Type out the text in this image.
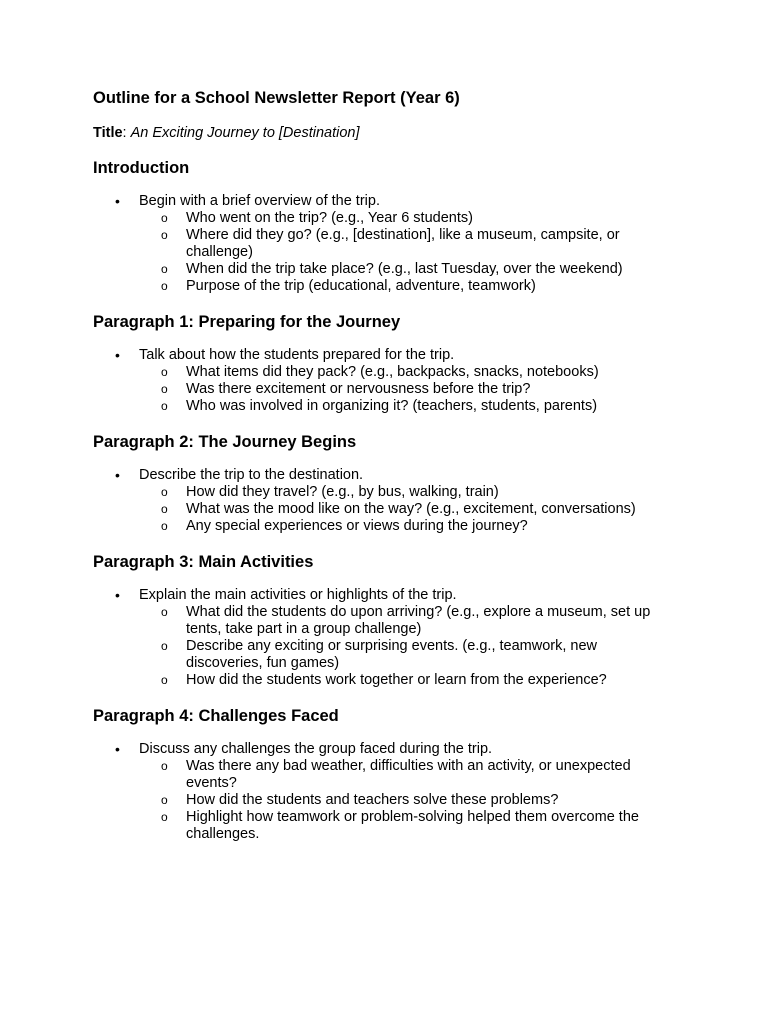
Outline for a School Newsletter Report (Year 6)

Title: An Exciting Journey to [Destination]

Introduction
• Begin with a brief overview of the trip.
o Who went on the trip? (e.g., Year 6 students)
o Where did they go? (e.g., [destination], like a museum, campsite, or challenge)
o When did the trip take place? (e.g., last Tuesday, over the weekend)
o Purpose of the trip (educational, adventure, teamwork)
Paragraph 1: Preparing for the Journey
• Talk about how the students prepared for the trip.
o What items did they pack? (e.g., backpacks, snacks, notebooks)
o Was there excitement or nervousness before the trip?
o Who was involved in organizing it? (teachers, students, parents)
Paragraph 2: The Journey Begins
• Describe the trip to the destination.
o How did they travel? (e.g., by bus, walking, train)
o What was the mood like on the way? (e.g., excitement, conversations)
o Any special experiences or views during the journey?
Paragraph 3: Main Activities
• Explain the main activities or highlights of the trip.
o What did the students do upon arriving? (e.g., explore a museum, set up tents, take part in a group challenge)
o Describe any exciting or surprising events. (e.g., teamwork, new discoveries, fun games)
o How did the students work together or learn from the experience?
Paragraph 4: Challenges Faced
• Discuss any challenges the group faced during the trip.
o Was there any bad weather, difficulties with an activity, or unexpected events?
o How did the students and teachers solve these problems?
o Highlight how teamwork or problem-solving helped them overcome the challenges.
